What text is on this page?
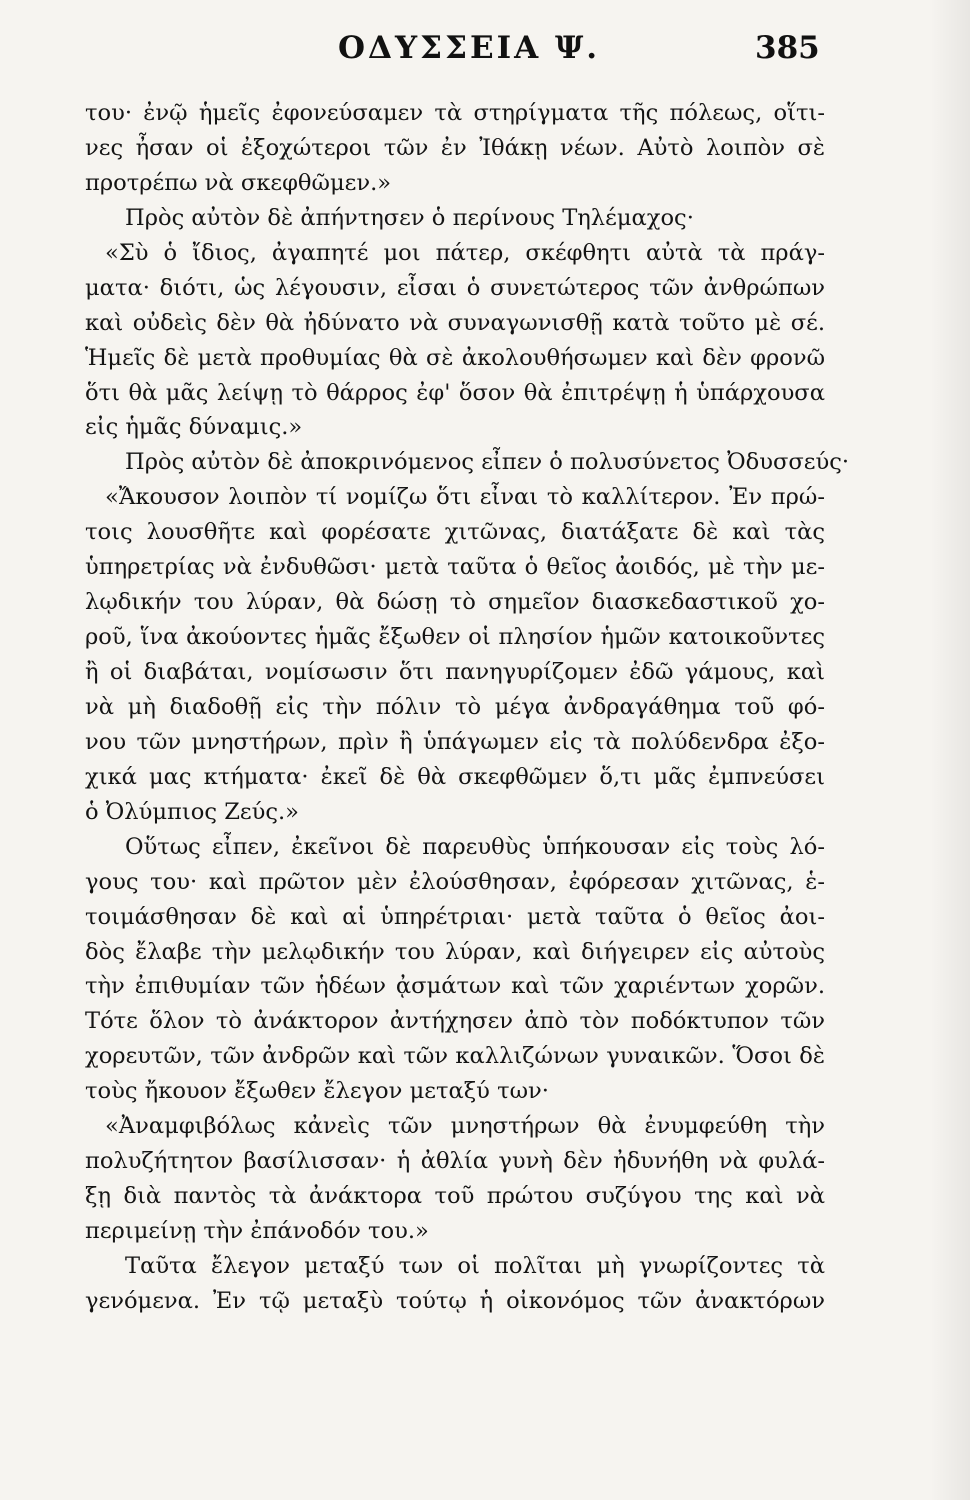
ΟΔΥΣΣΕΙΑ Ψ.	385
του· ἐνῷ ἡμεῖς ἐφονεύσαμεν τὰ στηρίγματα τῆς πόλεως, οἵτι-
νες ἦσαν οἱ ἐξοχώτεροι τῶν ἐν Ἰθάκῃ νέων. Αὐτὸ λοιπὸν σὲ
προτρέπω νὰ σκεφθῶμεν.»
Πρὸς αὐτὸν δὲ ἀπήντησεν ὁ περίνους Τηλέμαχος·
«Σὺ ὁ ἴδιος, ἀγαπητέ μοι πάτερ, σκέφθητι αὐτὰ τὰ πράγ-
ματα· διότι, ὡς λέγουσιν, εἶσαι ὁ συνετώτερος τῶν ἀνθρώπων
καὶ οὐδεὶς δὲν θὰ ἠδύνατο νὰ συναγωνισθῇ κατὰ τοῦτο μὲ σέ.
Ἡμεῖς δὲ μετὰ προθυμίας θὰ σὲ ἀκολουθήσωμεν καὶ δὲν φρονῶ
ὅτι θὰ μᾶς λείψῃ τὸ θάρρος ἐφ' ὅσον θὰ ἐπιτρέψῃ ἡ ὑπάρχουσα
εἰς ἡμᾶς δύναμις.»
Πρὸς αὐτὸν δὲ ἀποκρινόμενος εἶπεν ὁ πολυσύνετος Ὀδυσσεύς·
«Ἄκουσον λοιπὸν τί νομίζω ὅτι εἶναι τὸ καλλίτερον. Ἐν πρώ-
τοις λουσθῆτε καὶ φορέσατε χιτῶνας, διατάξατε δὲ καὶ τὰς
ὑπηρετρίας νὰ ἐνδυθῶσι· μετὰ ταῦτα ὁ θεῖος ἀοιδός, μὲ τὴν με-
λῳδικήν του λύραν, θὰ δώσῃ τὸ σημεῖον διασκεδαστικοῦ χο-
ροῦ, ἵνα ἀκούοντες ἡμᾶς ἔξωθεν οἱ πλησίον ἡμῶν κατοικοῦντες
ἢ οἱ διαβάται, νομίσωσιν ὅτι πανηγυρίζομεν ἐδῶ γάμους, καὶ
νὰ μὴ διαδοθῇ εἰς τὴν πόλιν τὸ μέγα ἀνδραγάθημα τοῦ φό-
νου τῶν μνηστήρων, πρὶν ἢ ὑπάγωμεν εἰς τὰ πολύδενδρα ἐξο-
χικά μας κτήματα· ἐκεῖ δὲ θὰ σκεφθῶμεν ὅ,τι μᾶς ἐμπνεύσει
ὁ Ὀλύμπιος Ζεύς.»
Οὕτως εἶπεν, ἐκεῖνοι δὲ παρευθὺς ὑπήκουσαν εἰς τοὺς λό-
γους του· καὶ πρῶτον μὲν ἐλούσθησαν, ἐφόρεσαν χιτῶνας, ἑ-
τοιμάσθησαν δὲ καὶ αἱ ὑπηρέτριαι· μετὰ ταῦτα ὁ θεῖος ἀοι-
δὸς ἔλαβε τὴν μελῳδικήν του λύραν, καὶ διήγειρεν εἰς αὐτοὺς
τὴν ἐπιθυμίαν τῶν ἡδέων ᾀσμάτων καὶ τῶν χαριέντων χορῶν.
Τότε ὅλον τὸ ἀνάκτορον ἀντήχησεν ἀπὸ τὸν ποδόκτυπον τῶν
χορευτῶν, τῶν ἀνδρῶν καὶ τῶν καλλιζώνων γυναικῶν. Ὅσοι δὲ
τοὺς ἤκουον ἔξωθεν ἔλεγον μεταξύ των·
«Ἀναμφιβόλως κἀνεὶς τῶν μνηστήρων θὰ ἐνυμφεύθη τὴν
πολυζήτητον βασίλισσαν· ἡ ἀθλία γυνὴ δὲν ἠδυνήθη νὰ φυλά-
ξῃ διὰ παντὸς τὰ ἀνάκτορα τοῦ πρώτου συζύγου της καὶ νὰ
περιμείνῃ τὴν ἐπάνοδόν του.»
Ταῦτα ἔλεγον μεταξύ των οἱ πολῖται μὴ γνωρίζοντες τὰ
γενόμενα. Ἐν τῷ μεταξὺ τούτῳ ἡ οἰκονόμος τῶν ἀνακτόρων
